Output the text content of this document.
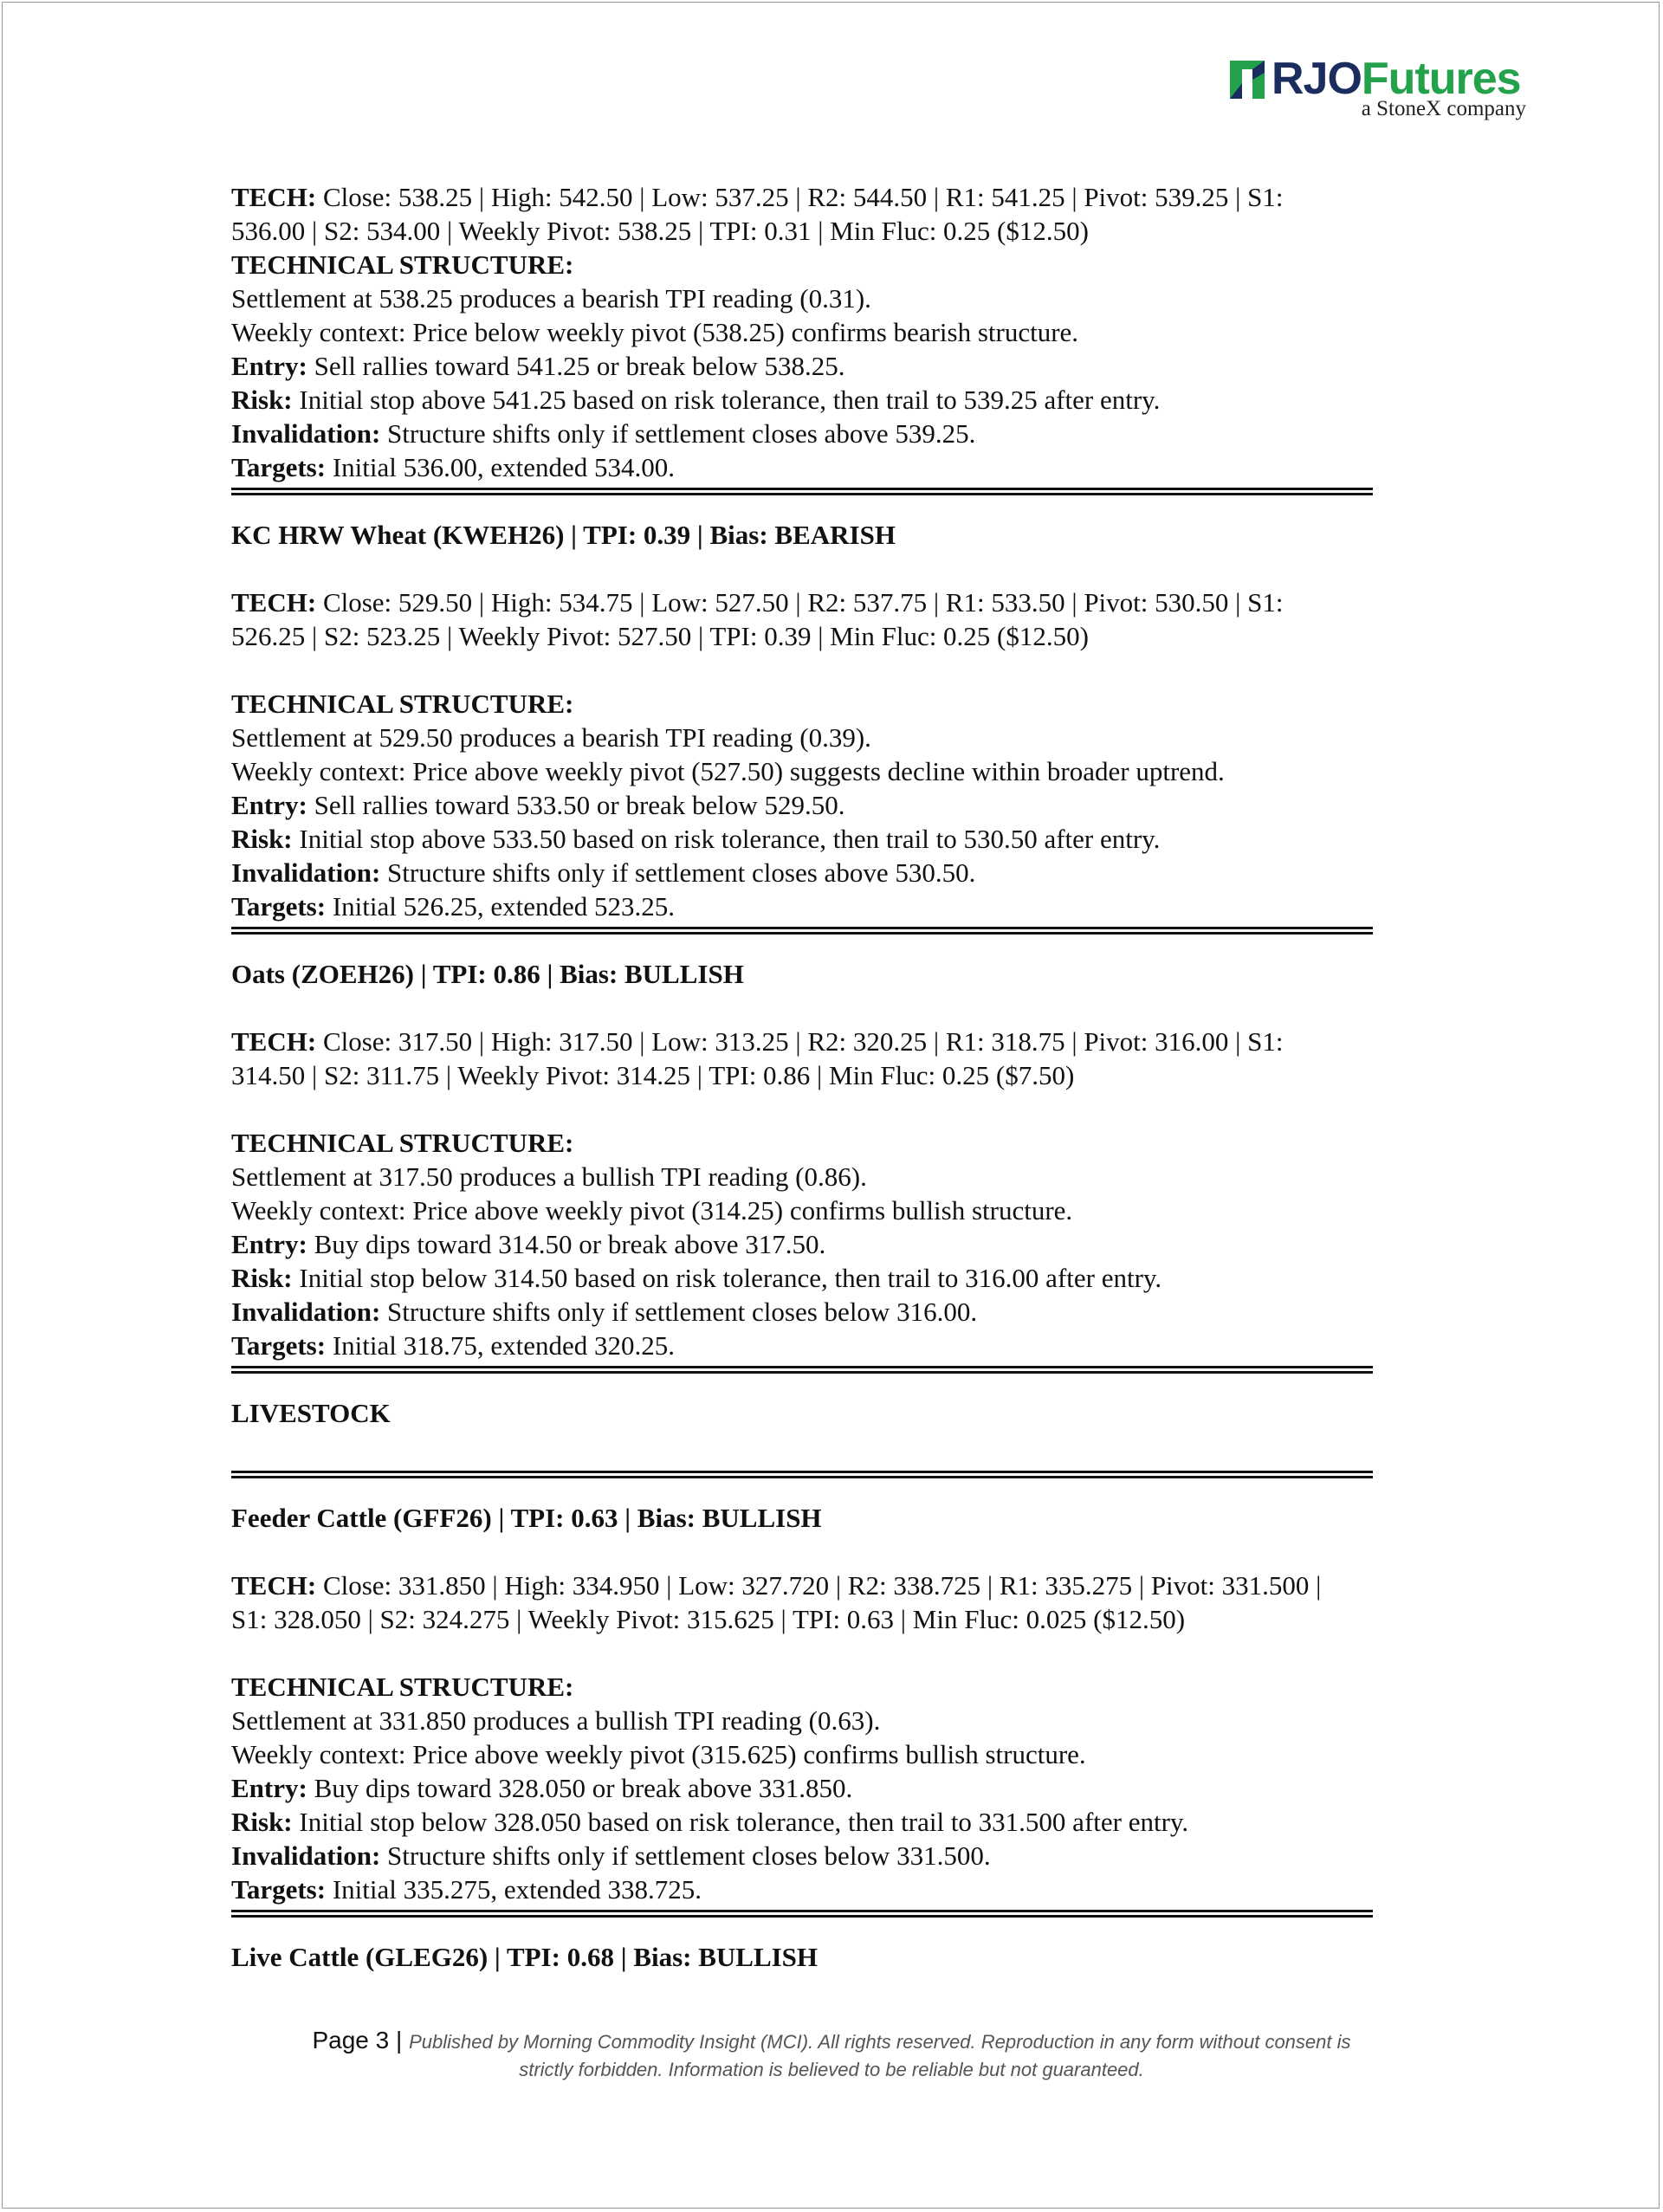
RJOFutures
a StoneX company

TECH: Close: 538.25 | High: 542.50 | Low: 537.25 | R2: 544.50 | R1: 541.25 | Pivot: 539.25 | S1:

536.00 | S2: 534.00 | Weekly Pivot: 538.25 | TPI: 0.31 | Min Fluc: 0.25 ($12.50)

TECHNICAL STRUCTURE:

Settlement at 538.25 produces a bearish TPI reading (0.31).

Weekly context: Price below weekly pivot (538.25) confirms bearish structure.

Entry: Sell rallies toward 541.25 or break below 538.25.

Risk: Initial stop above 541.25 based on risk tolerance, then trail to 539.25 after entry.

Invalidation: Structure shifts only if settlement closes above 539.25.

Targets: Initial 536.00, extended 534.00.

KC HRW Wheat (KWEH26) | TPI: 0.39 | Bias: BEARISH

TECH: Close: 529.50 | High: 534.75 | Low: 527.50 | R2: 537.75 | R1: 533.50 | Pivot: 530.50 | S1:

526.25 | S2: 523.25 | Weekly Pivot: 527.50 | TPI: 0.39 | Min Fluc: 0.25 ($12.50)

TECHNICAL STRUCTURE:

Settlement at 529.50 produces a bearish TPI reading (0.39).

Weekly context: Price above weekly pivot (527.50) suggests decline within broader uptrend.

Entry: Sell rallies toward 533.50 or break below 529.50.

Risk: Initial stop above 533.50 based on risk tolerance, then trail to 530.50 after entry.

Invalidation: Structure shifts only if settlement closes above 530.50.

Targets: Initial 526.25, extended 523.25.

Oats (ZOEH26) | TPI: 0.86 | Bias: BULLISH

TECH: Close: 317.50 | High: 317.50 | Low: 313.25 | R2: 320.25 | R1: 318.75 | Pivot: 316.00 | S1:

314.50 | S2: 311.75 | Weekly Pivot: 314.25 | TPI: 0.86 | Min Fluc: 0.25 ($7.50)

TECHNICAL STRUCTURE:

Settlement at 317.50 produces a bullish TPI reading (0.86).

Weekly context: Price above weekly pivot (314.25) confirms bullish structure.

Entry: Buy dips toward 314.50 or break above 317.50.

Risk: Initial stop below 314.50 based on risk tolerance, then trail to 316.00 after entry.

Invalidation: Structure shifts only if settlement closes below 316.00.

Targets: Initial 318.75, extended 320.25.

LIVESTOCK

Feeder Cattle (GFF26) | TPI: 0.63 | Bias: BULLISH

TECH: Close: 331.850 | High: 334.950 | Low: 327.720 | R2: 338.725 | R1: 335.275 | Pivot: 331.500 |

S1: 328.050 | S2: 324.275 | Weekly Pivot: 315.625 | TPI: 0.63 | Min Fluc: 0.025 ($12.50)

TECHNICAL STRUCTURE:

Settlement at 331.850 produces a bullish TPI reading (0.63).

Weekly context: Price above weekly pivot (315.625) confirms bullish structure.

Entry: Buy dips toward 328.050 or break above 331.850.

Risk: Initial stop below 328.050 based on risk tolerance, then trail to 331.500 after entry.

Invalidation: Structure shifts only if settlement closes below 331.500.

Targets: Initial 335.275, extended 338.725.

Live Cattle (GLEG26) | TPI: 0.68 | Bias: BULLISH

Page 3 | Published by Morning Commodity Insight (MCI). All rights reserved. Reproduction in any form without consent is
strictly forbidden. Information is believed to be reliable but not guaranteed.
